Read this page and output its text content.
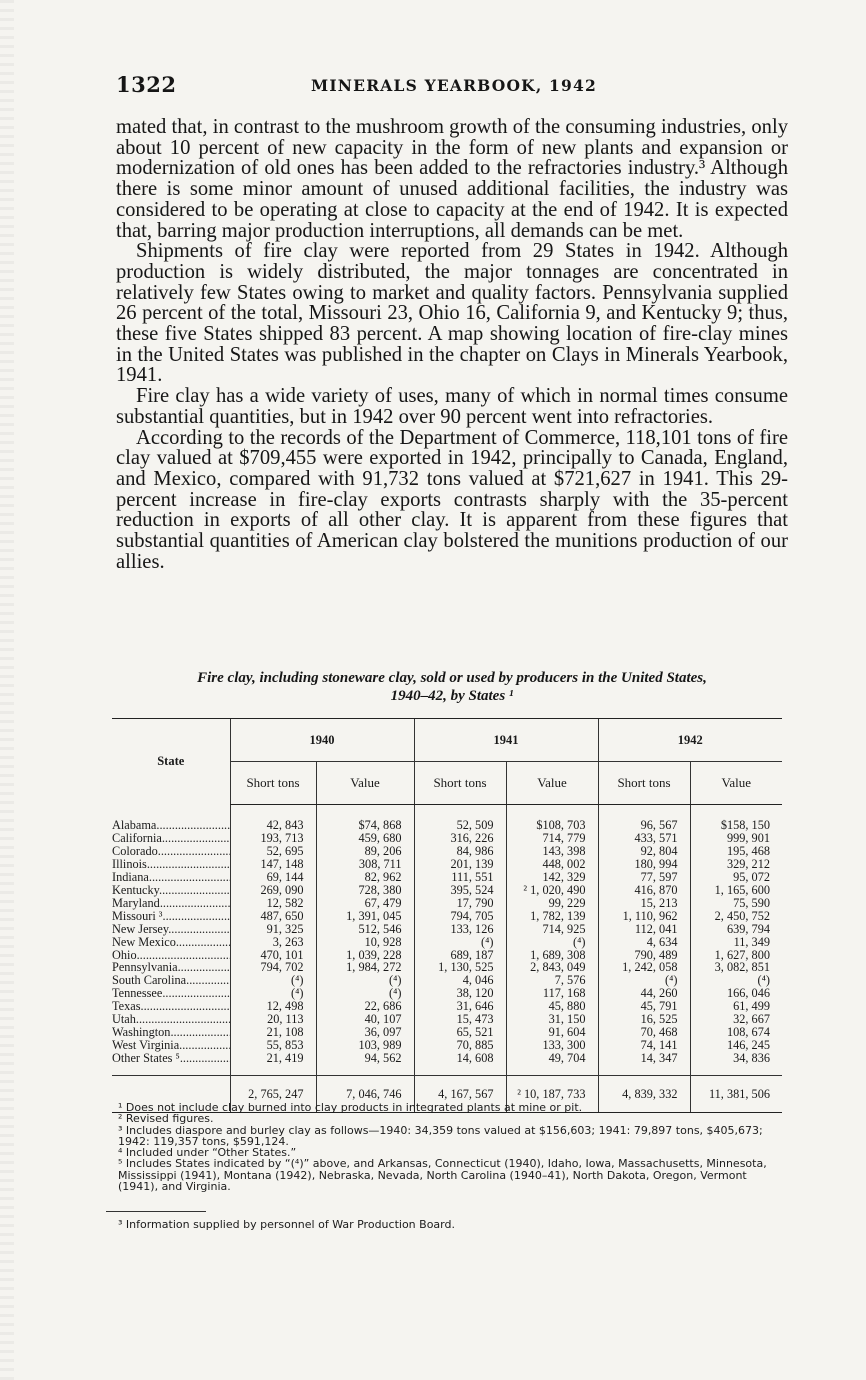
1322	MINERALS YEARBOOK, 1942

mated that, in contrast to the mushroom growth of the consuming industries, only about 10 percent of new capacity in the form of new plants and expansion or modernization of old ones has been added to the refractories industry.³ Although there is some minor amount of unused additional facilities, the industry was considered to be operating at close to capacity at the end of 1942. It is expected that, barring major production interruptions, all demands can be met.

Shipments of fire clay were reported from 29 States in 1942. Although production is widely distributed, the major tonnages are concentrated in relatively few States owing to market and quality factors. Pennsylvania supplied 26 percent of the total, Missouri 23, Ohio 16, California 9, and Kentucky 9; thus, these five States shipped 83 percent. A map showing location of fire-clay mines in the United States was published in the chapter on Clays in Minerals Yearbook, 1941.

Fire clay has a wide variety of uses, many of which in normal times consume substantial quantities, but in 1942 over 90 percent went into refractories.

According to the records of the Department of Commerce, 118,101 tons of fire clay valued at $709,455 were exported in 1942, principally to Canada, England, and Mexico, compared with 91,732 tons valued at $721,627 in 1941. This 29-percent increase in fire-clay exports contrasts sharply with the 35-percent reduction in exports of all other clay. It is apparent from these figures that substantial quantities of American clay bolstered the munitions production of our allies.

Fire clay, including stoneware clay, sold or used by producers in the United States,
1940–42, by States ¹
State	1940		1941		1942	
	Short tons	Value	Short tons	Value	Short tons	Value
Alabama .....	42, 843	$74, 868	52, 509	$108, 703	96, 567	$158, 150
California .....	193, 713	459, 680	316, 226	714, 779	433, 571	999, 901
Colorado .....	52, 695	89, 206	84, 986	143, 398	92, 804	195, 468
Illinois .....	147, 148	308, 711	201, 139	448, 002	180, 994	329, 212
Indiana .....	69, 144	82, 962	111, 551	142, 329	77, 597	95, 072
Kentucky .....	269, 090	728, 380	395, 524	² 1, 020, 490	416, 870	1, 165, 600
Maryland .....	12, 582	67, 479	17, 790	99, 229	15, 213	75, 590
Missouri ³ .....	487, 650	1, 391, 045	794, 705	1, 782, 139	1, 110, 962	2, 450, 752
New Jersey .....	91, 325	512, 546	133, 126	714, 925	112, 041	639, 794
New Mexico .....	3, 263	10, 928	(⁴)	(⁴)	4, 634	11, 349
Ohio .....	470, 101	1, 039, 228	689, 187	1, 689, 308	790, 489	1, 627, 800
Pennsylvania .....	794, 702	1, 984, 272	1, 130, 525	2, 843, 049	1, 242, 058	3, 082, 851
South Carolina .....	(⁴)	(⁴)	4, 046	7, 576	(⁴)	(⁴)
Tennessee .....	(⁴)	(⁴)	38, 120	117, 168	44, 260	166, 046
Texas .....	12, 498	22, 686	31, 646	45, 880	45, 791	61, 499
Utah .....	20, 113	40, 107	15, 473	31, 150	16, 525	32, 667
Washington .....	21, 108	36, 097	65, 521	91, 604	70, 468	108, 674
West Virginia .....	55, 853	103, 989	70, 885	133, 300	74, 141	146, 245
Other States ⁵ .....	21, 419	94, 562	14, 608	49, 704	14, 347	34, 836
	2, 765, 247	7, 046, 746	4, 167, 567	² 10, 187, 733	4, 839, 332	11, 381, 506

¹ Does not include clay burned into clay products in integrated plants at mine or pit.

² Revised figures.

³ Includes diaspore and burley clay as follows—1940: 34,359 tons valued at $156,603; 1941: 79,897 tons, $405,673; 1942: 119,357 tons, $591,124.

⁴ Included under “Other States.”

⁵ Includes States indicated by “(⁴)” above, and Arkansas, Connecticut (1940), Idaho, Iowa, Massachusetts, Minnesota, Mississippi (1941), Montana (1942), Nebraska, Nevada, North Carolina (1940–41), North Dakota, Oregon, Vermont (1941), and Virginia.

³ Information supplied by personnel of War Production Board.
